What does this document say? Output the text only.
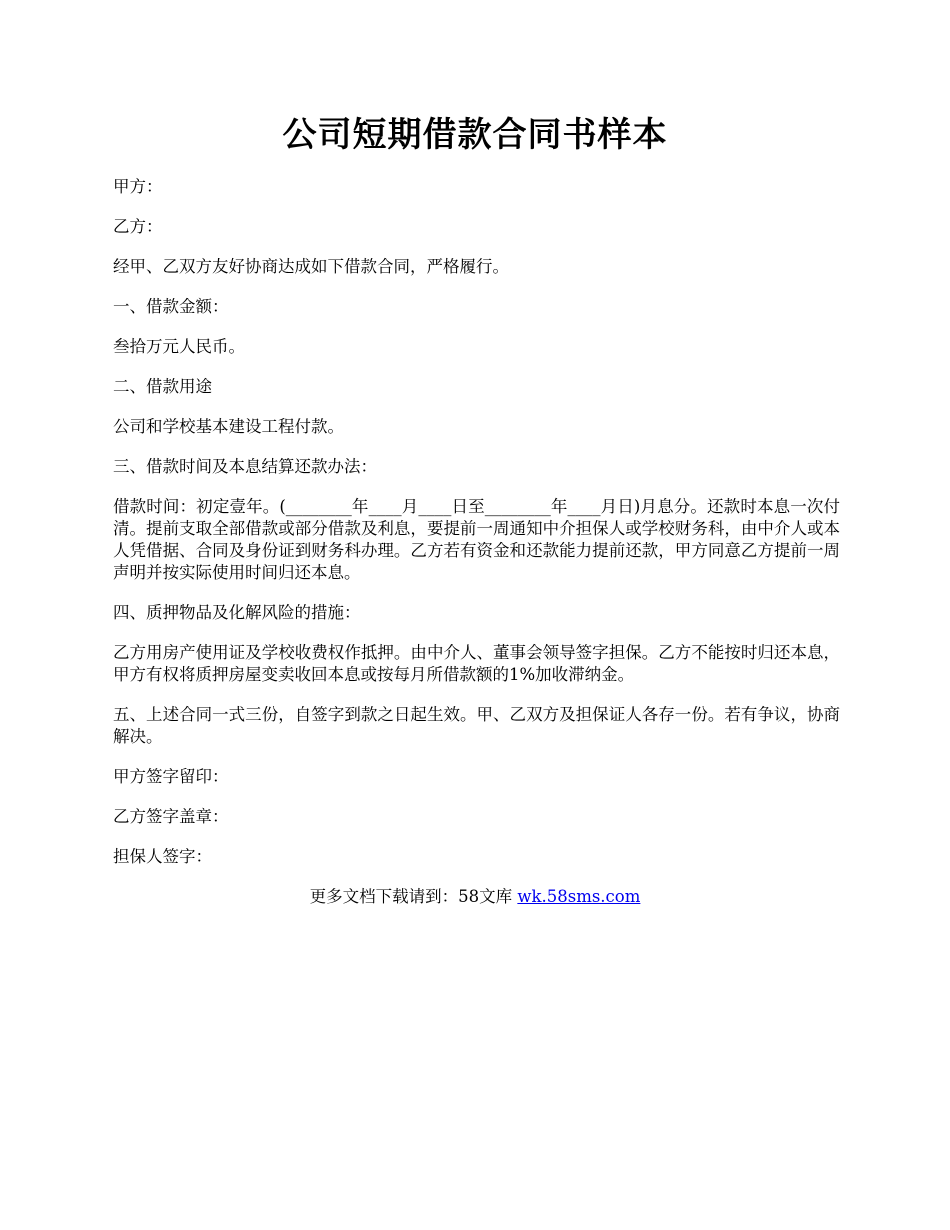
公司短期借款合同书样本

甲方：

乙方：

经甲、乙双方友好协商达成如下借款合同，严格履行。

一、借款金额：

叁拾万元人民币。

二、借款用途

公司和学校基本建设工程付款。

三、借款时间及本息结算还款办法：

借款时间：初定壹年。(________年____月____日至________年____月日)月息分。还款时本息一次付清。提前支取全部借款或部分借款及利息，要提前一周通知中介担保人或学校财务科，由中介人或本人凭借据、合同及身份证到财务科办理。乙方若有资金和还款能力提前还款，甲方同意乙方提前一周声明并按实际使用时间归还本息。

四、质押物品及化解风险的措施：

乙方用房产使用证及学校收费权作抵押。由中介人、董事会领导签字担保。乙方不能按时归还本息，甲方有权将质押房屋变卖收回本息或按每月所借款额的1%加收滞纳金。

五、上述合同一式三份，自签字到款之日起生效。甲、乙双方及担保证人各存一份。若有争议，协商解决。

甲方签字留印：

乙方签字盖章：

担保人签字：

更多文档下载请到：58文库 wk.58sms.com
